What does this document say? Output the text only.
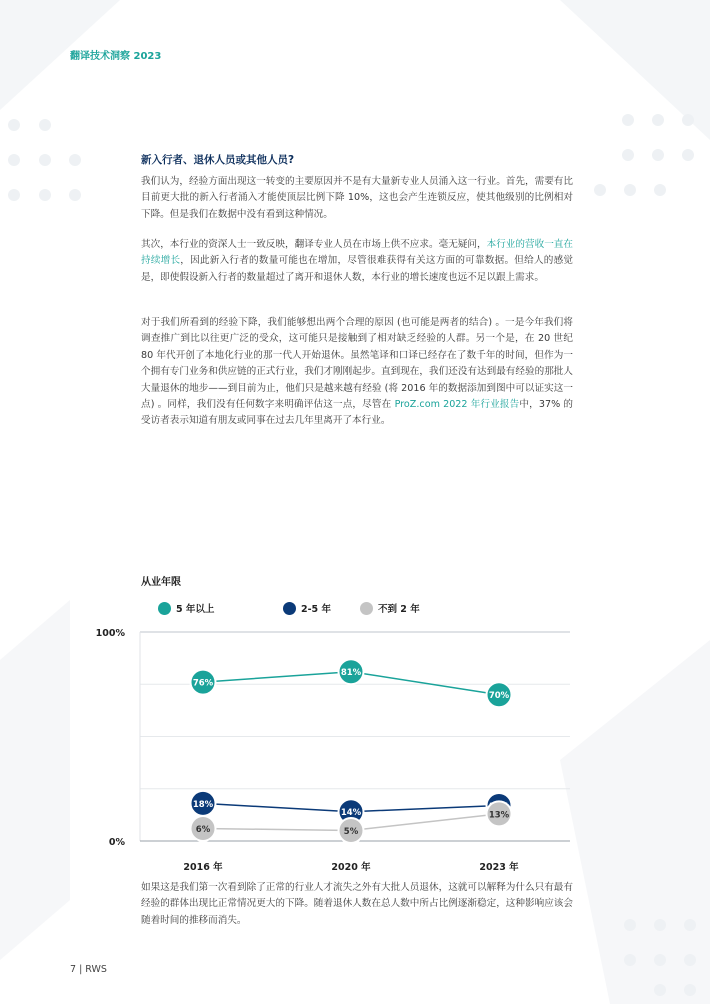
翻译技术洞察 2023
新入行者、退休人员或其他人员?
我们认为，经验方面出现这一转变的主要原因并不是有大量新专业人员涌入这一行业。首先，需要有比目前更大批的新入行者涌入才能使顶层比例下降 10%，这也会产生连锁反应，使其他级别的比例相对下降。但是我们在数据中没有看到这种情况。
其次，本行业的资深人士一致反映，翻译专业人员在市场上供不应求。毫无疑问，本行业的营收一直在持续增长，因此新入行者的数量可能也在增加，尽管很难获得有关这方面的可靠数据。但给人的感觉是，即使假设新入行者的数量超过了离开和退休人数，本行业的增长速度也远不足以跟上需求。
对于我们所看到的经验下降，我们能够想出两个合理的原因 (也可能是两者的结合) 。一是今年我们将调查推广到比以往更广泛的受众，这可能只是接触到了相对缺乏经验的人群。另一个是，在 20 世纪 80 年代开创了本地化行业的那一代人开始退休。虽然笔译和口译已经存在了数千年的时间，但作为一个拥有专门业务和供应链的正式行业，我们才刚刚起步。直到现在，我们还没有达到最有经验的那批人大量退休的地步——到目前为止，他们只是越来越有经验 (将 2016 年的数据添加到图中可以证实这一点) 。同样，我们没有任何数字来明确评估这一点，尽管在 ProZ.com 2022 年行业报告中，37% 的受访者表示知道有朋友或同事在过去几年里离开了本行业。
从业年限
5 年以上	2-5 年	不到 2 年
100%
0%
2016 年	2020 年	2023 年
76%
81%
70%
18%
14%
6%	5%
13%
如果这是我们第一次看到除了正常的行业人才流失之外有大批人员退休，这就可以解释为什么只有最有经验的群体出现比正常情况更大的下降。随着退休人数在总人数中所占比例逐渐稳定，这种影响应该会随着时间的推移而消失。
7 | RWS
